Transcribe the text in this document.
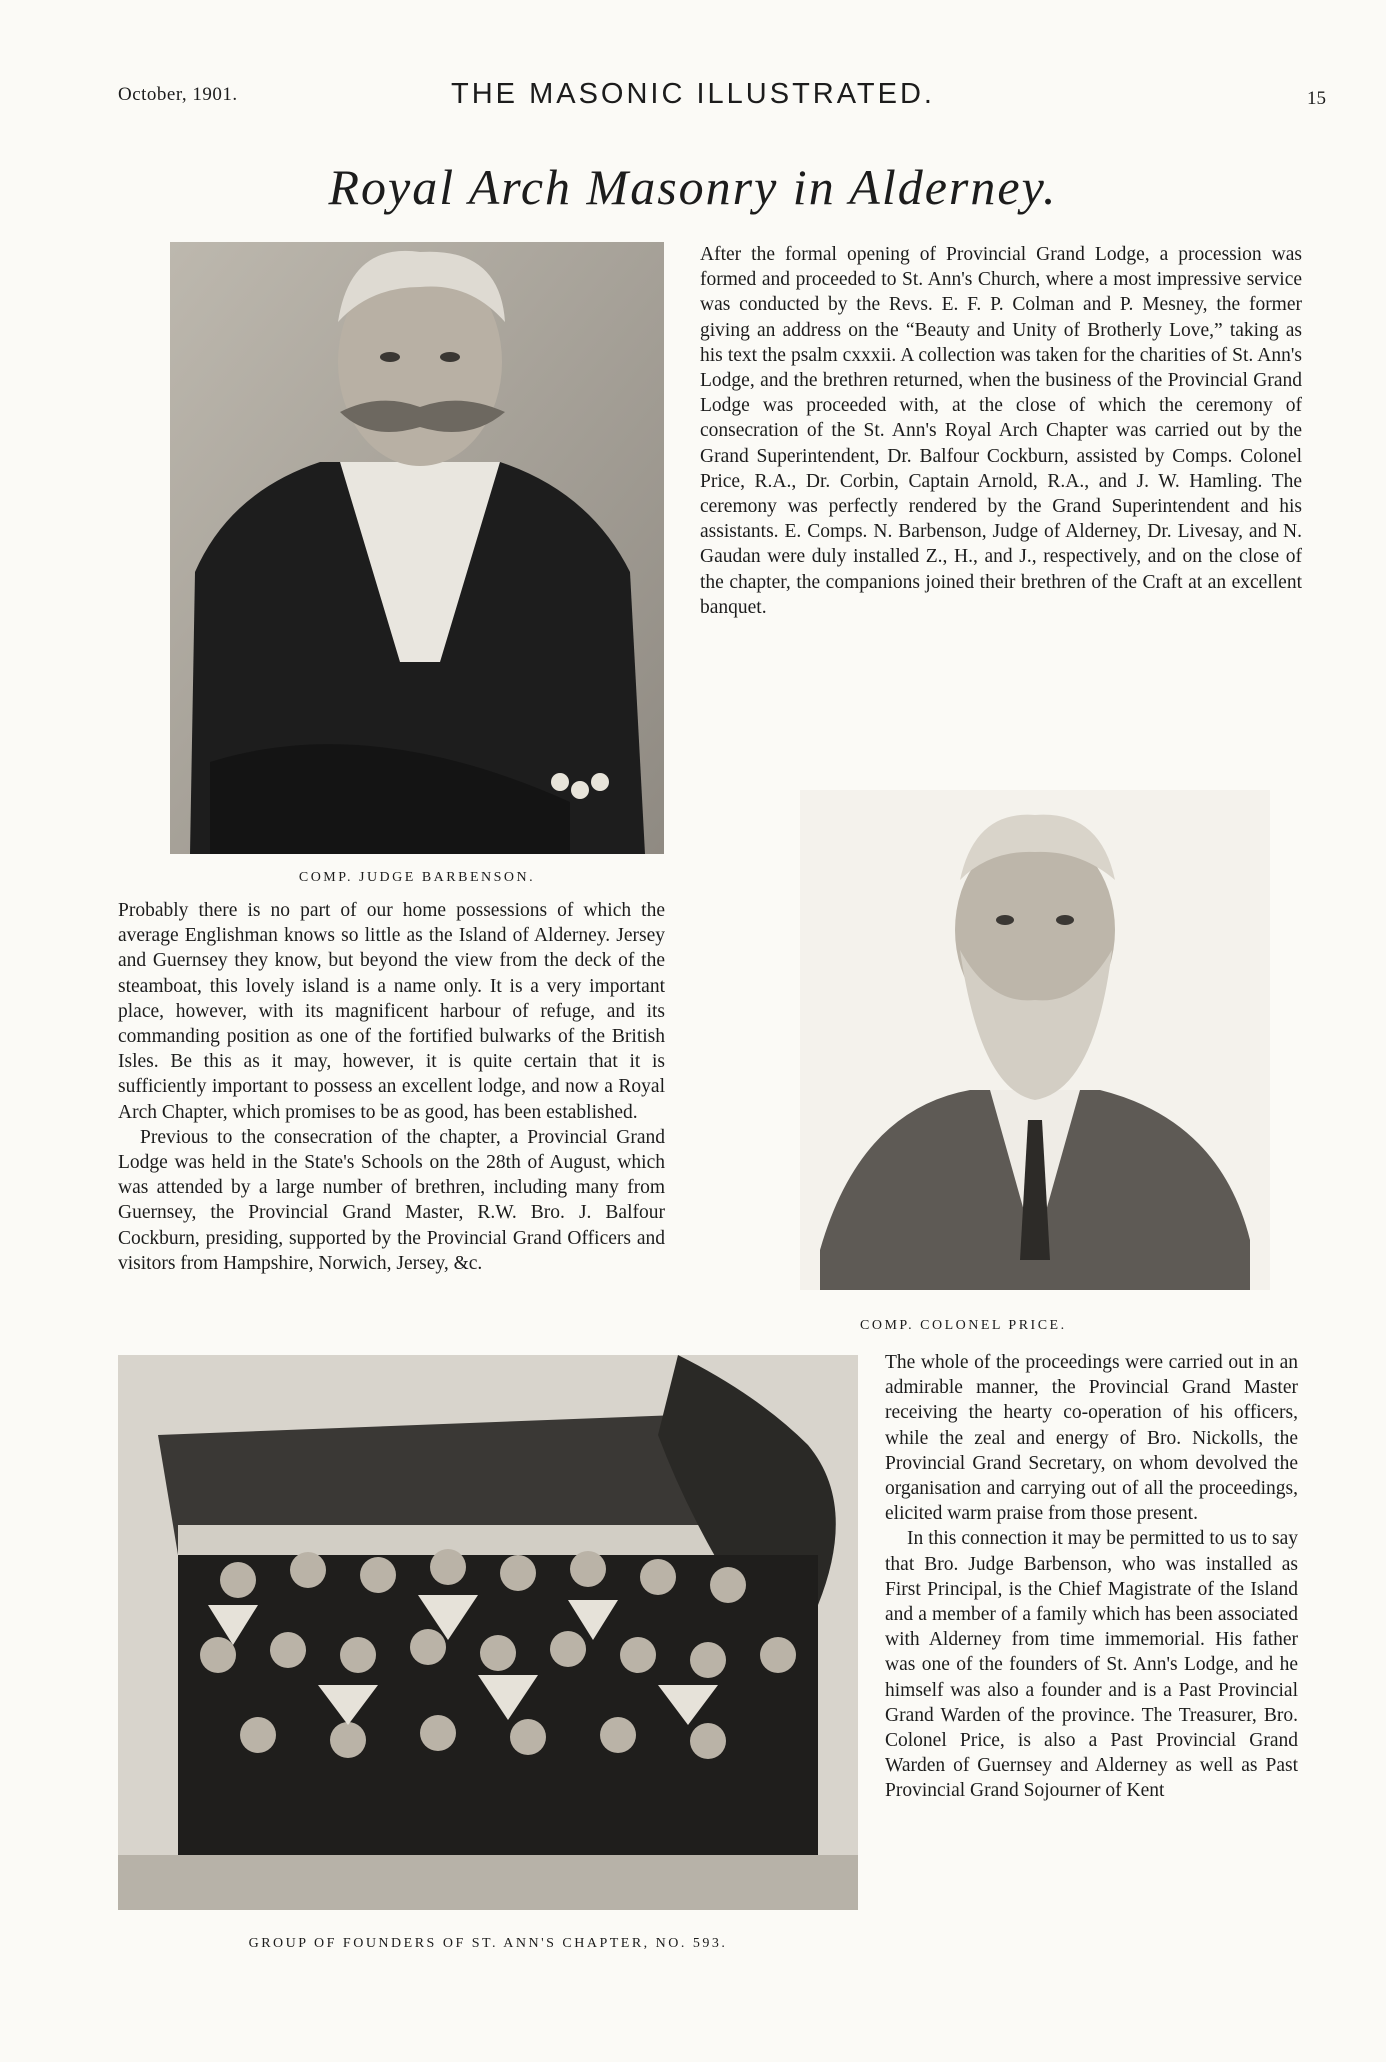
October, 1901.	THE MASONIC ILLUSTRATED.	15
Royal Arch Masonry in Alderney.
COMP. JUDGE BARBENSON.

After the formal opening of Provincial Grand Lodge, a procession was formed and proceeded to St. Ann's Church, where a most impressive service was conducted by the Revs. E. F. P. Colman and P. Mesney, the former giving an address on the “Beauty and Unity of Brotherly Love,” taking as his text the psalm cxxxii. A collection was taken for the charities of St. Ann's Lodge, and the brethren returned, when the business of the Provincial Grand Lodge was proceeded with, at the close of which the ceremony of consecration of the St. Ann's Royal Arch Chapter was carried out by the Grand Superintendent, Dr. Balfour Cockburn, assisted by Comps. Colonel Price, R.A., Dr. Corbin, Captain Arnold, R.A., and J. W. Hamling. The ceremony was perfectly rendered by the Grand Superintendent and his assistants. E. Comps. N. Barbenson, Judge of Alderney, Dr. Livesay, and N. Gaudan were duly installed Z., H., and J., respectively, and on the close of the chapter, the companions joined their brethren of the Craft at an excellent banquet.

COMP. COLONEL PRICE.

Probably there is no part of our home possessions of which the average Englishman knows so little as the Island of Alderney. Jersey and Guernsey they know, but beyond the view from the deck of the steamboat, this lovely island is a name only. It is a very important place, however, with its magnificent harbour of refuge, and its commanding position as one of the fortified bulwarks of the British Isles. Be this as it may, however, it is quite certain that it is sufficiently important to possess an excellent lodge, and now a Royal Arch Chapter, which promises to be as good, has been established.

Previous to the consecration of the chapter, a Provincial Grand Lodge was held in the State's Schools on the 28th of August, which was attended by a large number of brethren, including many from Guernsey, the Provincial Grand Master, R.W. Bro. J. Balfour Cockburn, presiding, supported by the Provincial Grand Officers and visitors from Hampshire, Norwich, Jersey, &c.

GROUP OF FOUNDERS OF ST. ANN'S CHAPTER, NO. 593.

The whole of the proceedings were carried out in an admirable manner, the Provincial Grand Master receiving the hearty co-operation of his officers, while the zeal and energy of Bro. Nickolls, the Provincial Grand Secretary, on whom devolved the organisation and carrying out of all the proceedings, elicited warm praise from those present.

In this connection it may be permitted to us to say that Bro. Judge Barbenson, who was installed as First Principal, is the Chief Magistrate of the Island and a member of a family which has been associated with Alderney from time immemorial. His father was one of the founders of St. Ann's Lodge, and he himself was also a founder and is a Past Provincial Grand Warden of the province. The Treasurer, Bro. Colonel Price, is also a Past Provincial Grand Warden of Guernsey and Alderney as well as Past Provincial Grand Sojourner of Kent
